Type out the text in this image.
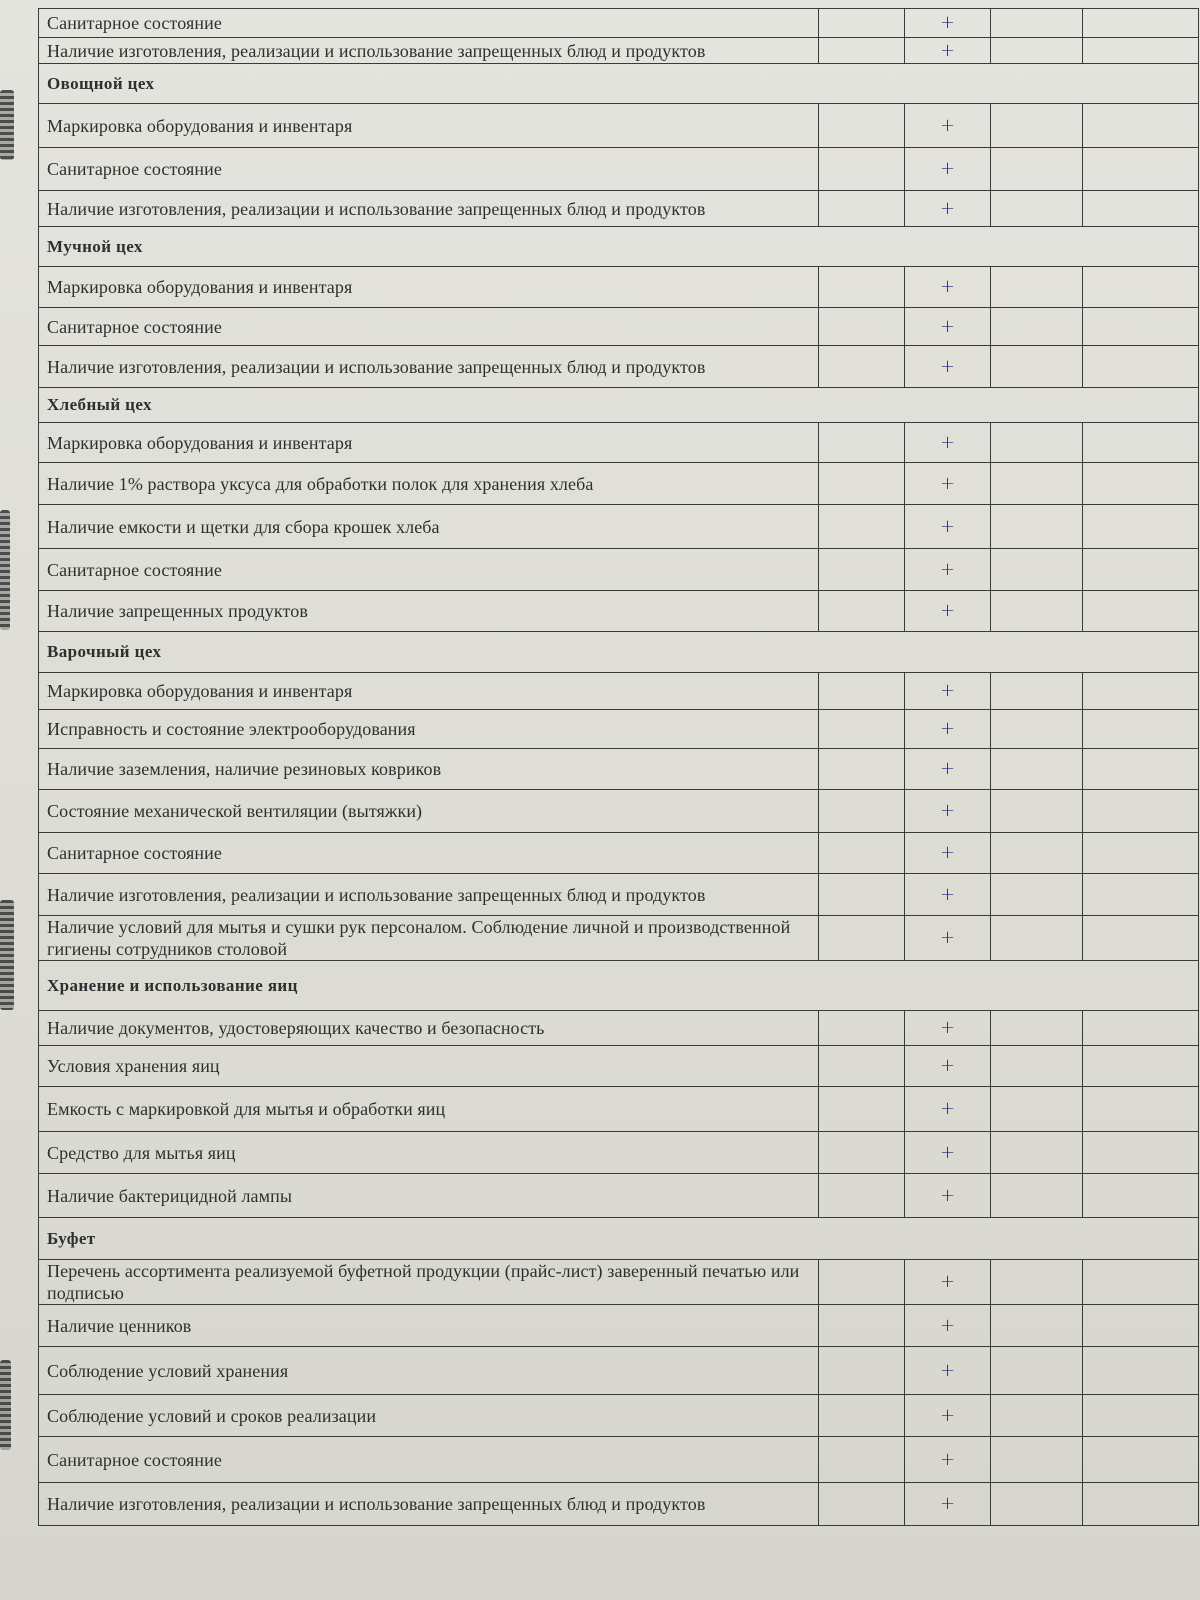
Санитарное состояние		+		
Наличие изготовления, реализации и использование запрещенных блюд и продуктов		+		
Овощной цех				
Маркировка оборудования и инвентаря		+		
Санитарное состояние		+		
Наличие изготовления, реализации и использование запрещенных блюд и продуктов		+		
Мучной цех				
Маркировка оборудования и инвентаря		+		
Санитарное состояние		+		
Наличие изготовления, реализации и использование запрещенных блюд и продуктов		+		
Хлебный цех				
Маркировка оборудования и инвентаря		+		
Наличие 1% раствора уксуса для обработки полок для хранения хлеба		+		
Наличие емкости и щетки для сбора крошек хлеба		+		
Санитарное состояние		+		
Наличие запрещенных продуктов		+		
Варочный цех				
Маркировка оборудования и инвентаря		+		
Исправность и состояние электрооборудования		+		
Наличие заземления, наличие резиновых ковриков		+		
Состояние механической вентиляции (вытяжки)		+		
Санитарное состояние		+		
Наличие изготовления, реализации и использование запрещенных блюд и продуктов		+		
Наличие условий для мытья и сушки рук персоналом. Соблюдение личной и производственной гигиены сотрудников столовой		+		
Хранение и использование яиц				
Наличие документов, удостоверяющих качество и безопасность		+		
Условия хранения яиц		+		
Емкость с маркировкой для мытья и обработки яиц		+		
Средство для мытья яиц		+		
Наличие бактерицидной лампы		+		
Буфет				
Перечень ассортимента реализуемой буфетной продукции (прайс-лист) заверенный печатью или подписью		+		
Наличие ценников		+		
Соблюдение условий хранения		+		
Соблюдение условий и сроков реализации		+		
Санитарное состояние		+		
Наличие изготовления, реализации и использование запрещенных блюд и продуктов		+		
